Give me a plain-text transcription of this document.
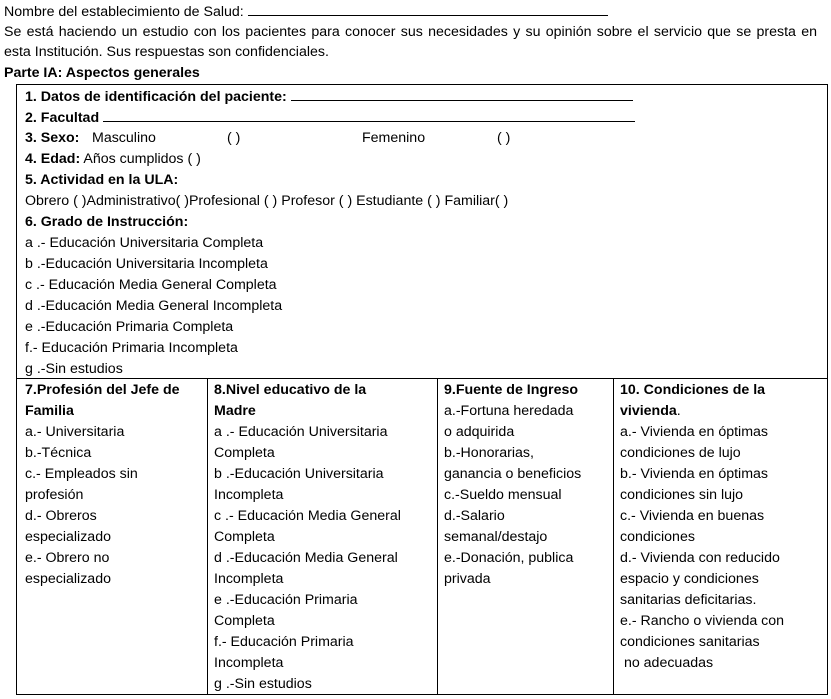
Nombre del establecimiento de Salud:
Se está haciendo un estudio con los pacientes para conocer sus necesidades y su opinión sobre el servicio que se presta en esta Institución. Sus respuestas son confidenciales.
Parte IA: Aspectos generales
1. Datos de identificación del paciente:
2. Facultad
3. Sexo: Masculino	( )	Femenino	( )
4. Edad: Años cumplidos ( )
5. Actividad en la ULA:
Obrero ( )Administrativo( )Profesional ( ) Profesor ( ) Estudiante ( ) Familiar( )
6. Grado de Instrucción:
a .- Educación Universitaria Completa
b .-Educación Universitaria Incompleta
c .- Educación Media General Completa
d .-Educación Media General Incompleta
e .-Educación Primaria Completa
f.- Educación Primaria Incompleta
g .-Sin estudios
7.Profesión del Jefe de
Familia
a.- Universitaria
b.-Técnica
c.- Empleados sin
profesión
d.- Obreros
especializado
e.- Obrero no
especializado
8.Nivel educativo de la
Madre
a .- Educación Universitaria
Completa
b .-Educación Universitaria
Incompleta
c .- Educación Media General
Completa
d .-Educación Media General
Incompleta
e .-Educación Primaria
Completa
f.- Educación Primaria
Incompleta
g .-Sin estudios
9.Fuente de Ingreso
a.-Fortuna heredada
o adquirida
b.-Honorarias,
ganancia o beneficios
c.-Sueldo mensual
d.-Salario
semanal/destajo
e.-Donación, publica
privada
10. Condiciones de la
vivienda.
a.- Vivienda en óptimas
condiciones de lujo
b.- Vivienda en óptimas
condiciones sin lujo
c.- Vivienda en buenas
condiciones
d.- Vivienda con reducido
espacio y condiciones
sanitarias deficitarias.
e.- Rancho o vivienda con
condiciones sanitarias
no adecuadas
